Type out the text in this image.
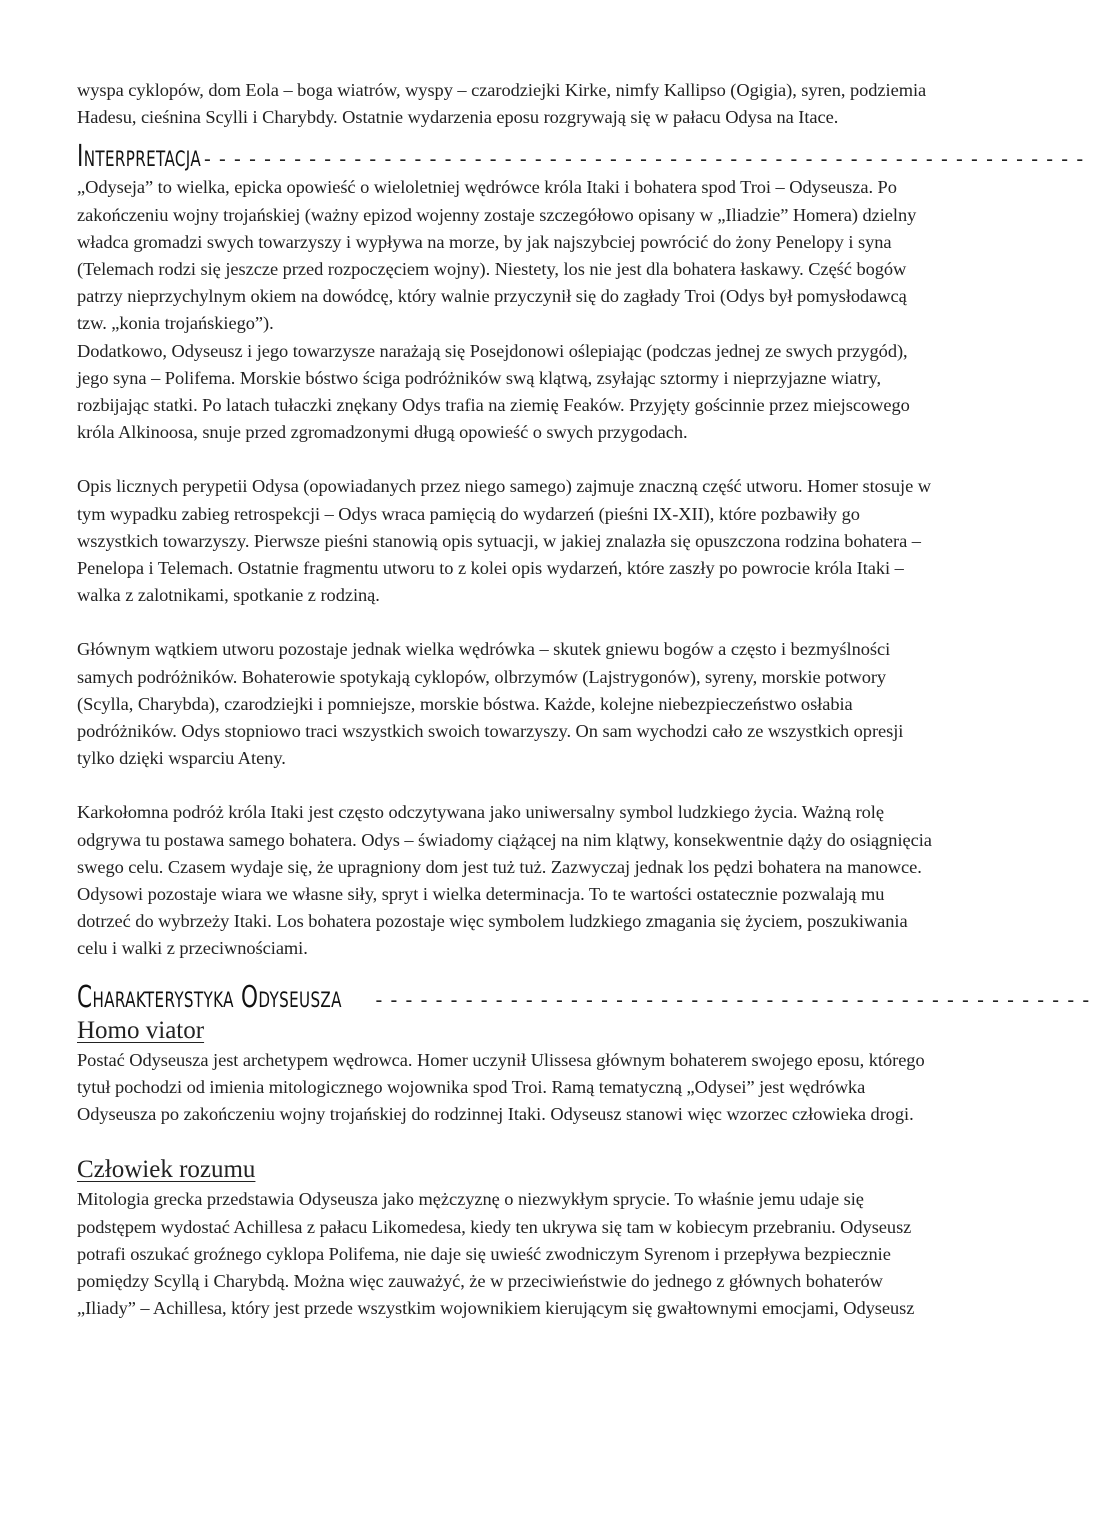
wyspa cyklopów, dom Eola – boga wiatrów, wyspy – czarodziejki Kirke, nimfy Kallipso (Ogigia), syren, podziemia

Hadesu, cieśnina Scylli i Charybdy. Ostatnie wydarzenia eposu rozgrywają się w pałacu Odysa na Itace.

Interpretacja -----------------------------------------------------------

„Odyseja” to wielka, epicka opowieść o wieloletniej wędrówce króla Itaki i bohatera spod Troi – Odyseusza. Po

zakończeniu wojny trojańskiej (ważny epizod wojenny zostaje szczegółowo opisany w „Iliadzie” Homera) dzielny

władca gromadzi swych towarzyszy i wypływa na morze, by jak najszybciej powrócić do żony Penelopy i syna

(Telemach rodzi się jeszcze przed rozpoczęciem wojny). Niestety, los nie jest dla bohatera łaskawy. Część bogów

patrzy nieprzychylnym okiem na dowódcę, który walnie przyczynił się do zagłady Troi (Odys był pomysłodawcą

tzw. „konia trojańskiego”).

Dodatkowo, Odyseusz i jego towarzysze narażają się Posejdonowi oślepiając (podczas jednej ze swych przygód),

jego syna – Polifema. Morskie bóstwo ściga podróżników swą klątwą, zsyłając sztormy i nieprzyjazne wiatry,

rozbijając statki. Po latach tułaczki znękany Odys trafia na ziemię Feaków. Przyjęty gościnnie przez miejscowego

króla Alkinoosa, snuje przed zgromadzonymi długą opowieść o swych przygodach.

Opis licznych perypetii Odysa (opowiadanych przez niego samego) zajmuje znaczną część utworu. Homer stosuje w

tym wypadku zabieg retrospekcji – Odys wraca pamięcią do wydarzeń (pieśni IX-XII), które pozbawiły go

wszystkich towarzyszy. Pierwsze pieśni stanowią opis sytuacji, w jakiej znalazła się opuszczona rodzina bohatera –

Penelopa i Telemach. Ostatnie fragmentu utworu to z kolei opis wydarzeń, które zaszły po powrocie króla Itaki –

walka z zalotnikami, spotkanie z rodziną.

Głównym wątkiem utworu pozostaje jednak wielka wędrówka – skutek gniewu bogów a często i bezmyślności

samych podróżników. Bohaterowie spotykają cyklopów, olbrzymów (Lajstrygonów), syreny, morskie potwory

(Scylla, Charybda), czarodziejki i pomniejsze, morskie bóstwa. Każde, kolejne niebezpieczeństwo osłabia

podróżników. Odys stopniowo traci wszystkich swoich towarzyszy. On sam wychodzi cało ze wszystkich opresji

tylko dzięki wsparciu Ateny.

Karkołomna podróż króla Itaki jest często odczytywana jako uniwersalny symbol ludzkiego życia. Ważną rolę

odgrywa tu postawa samego bohatera. Odys – świadomy ciążącej na nim klątwy, konsekwentnie dąży do osiągnięcia

swego celu. Czasem wydaje się, że upragniony dom jest tuż tuż. Zazwyczaj jednak los pędzi bohatera na manowce.

Odysowi pozostaje wiara we własne siły, spryt i wielka determinacja. To te wartości ostatecznie pozwalają mu

dotrzeć do wybrzeży Itaki. Los bohatera pozostaje więc symbolem ludzkiego zmagania się życiem, poszukiwania

celu i walki z przeciwnościami.

Charakterystyka Odyseusza ------------------------------------------------
Homo viator

Postać Odyseusza jest archetypem wędrowca. Homer uczynił Ulissesa głównym bohaterem swojego eposu, którego

tytuł pochodzi od imienia mitologicznego wojownika spod Troi. Ramą tematyczną „Odysei” jest wędrówka

Odyseusza po zakończeniu wojny trojańskiej do rodzinnej Itaki. Odyseusz stanowi więc wzorzec człowieka drogi.

Człowiek rozumu

Mitologia grecka przedstawia Odyseusza jako mężczyznę o niezwykłym sprycie. To właśnie jemu udaje się

podstępem wydostać Achillesa z pałacu Likomedesa, kiedy ten ukrywa się tam w kobiecym przebraniu. Odyseusz

potrafi oszukać groźnego cyklopa Polifema, nie daje się uwieść zwodniczym Syrenom i przepływa bezpiecznie

pomiędzy Scyllą i Charybdą. Można więc zauważyć, że w przeciwieństwie do jednego z głównych bohaterów

„Iliady” – Achillesa, który jest przede wszystkim wojownikiem kierującym się gwałtownymi emocjami, Odyseusz
